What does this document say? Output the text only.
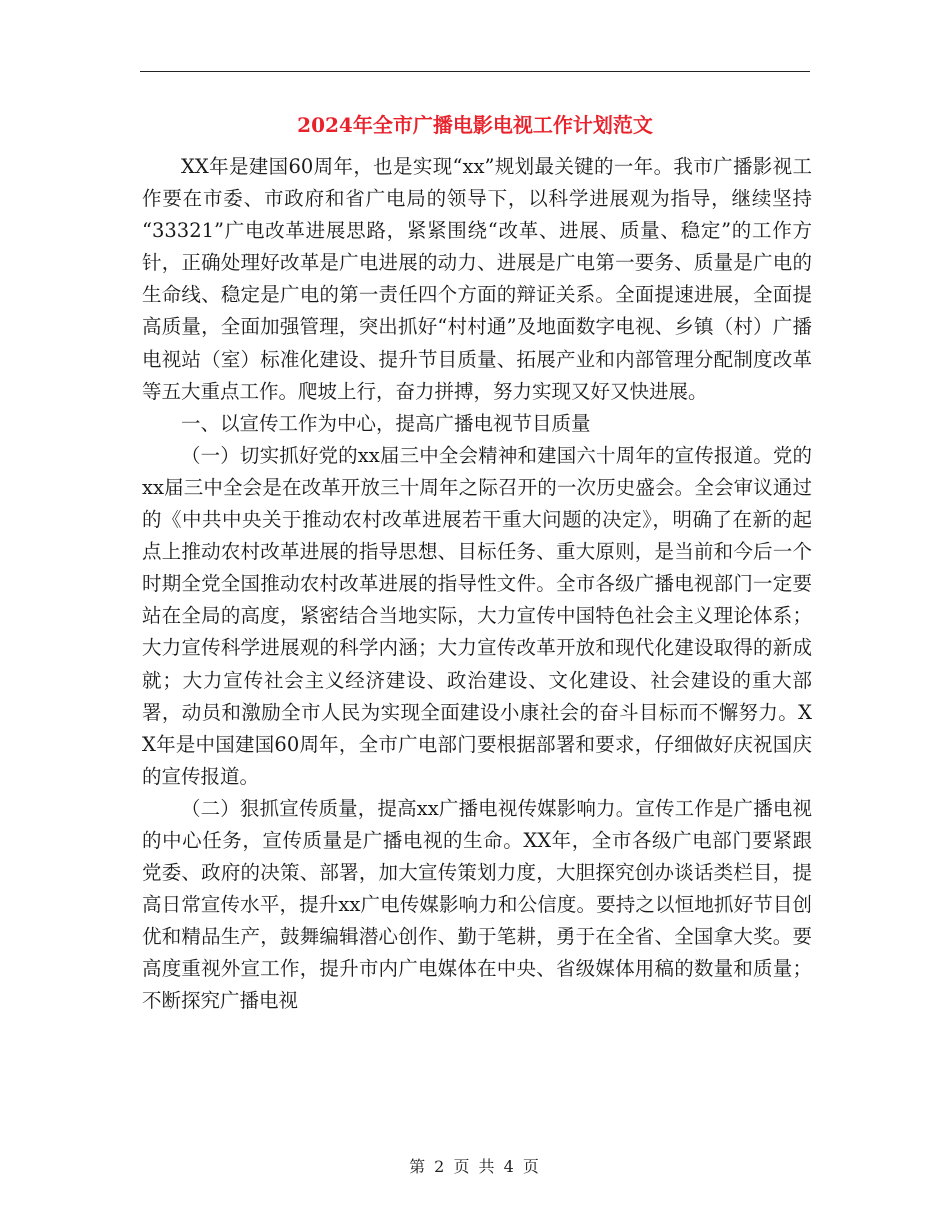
2024年全市广播电影电视工作计划范文

XX年是建国60周年，也是实现“xx”规划最关键的一年。我市广播影视工作要在市委、市政府和省广电局的领导下，以科学进展观为指导，继续坚持 “33321”广电改革进展思路，紧紧围绕“改革、进展、质量、稳定”的工作方针，正确处理好改革是广电进展的动力、进展是广电第一要务、质量是广电的生命线、稳定是广电的第一责任四个方面的辩证关系。全面提速进展，全面提高质量，全面加强管理，突出抓好“村村通”及地面数字电视、乡镇（村）广播电视站（室）标准化建设、提升节目质量、拓展产业和内部管理分配制度改革等五大重点工作。爬坡上行，奋力拼搏，努力实现又好又快进展。

一、以宣传工作为中心，提高广播电视节目质量

（一）切实抓好党的xx届三中全会精神和建国六十周年的宣传报道。党的xx届三中全会是在改革开放三十周年之际召开的一次历史盛会。全会审议通过的《中共中央关于推动农村改革进展若干重大问题的决定》，明确了在新的起点上推动农村改革进展的指导思想、目标任务、重大原则，是当前和今后一个时期全党全国推动农村改革进展的指导性文件。全市各级广播电视部门一定要站在全局的高度，紧密结合当地实际，大力宣传中国特色社会主义理论体系；大力宣传科学进展观的科学内涵；大力宣传改革开放和现代化建设取得的新成就；大力宣传社会主义经济建设、政治建设、文化建设、社会建设的重大部署，动员和激励全市人民为实现全面建设小康社会的奋斗目标而不懈努力。XX年是中国建国60周年，全市广电部门要根据部署和要求，仔细做好庆祝国庆的宣传报道。

（二）狠抓宣传质量，提高xx广播电视传媒影响力。宣传工作是广播电视的中心任务，宣传质量是广播电视的生命。XX年，全市各级广电部门要紧跟党委、政府的决策、部署，加大宣传策划力度，大胆探究创办谈话类栏目，提高日常宣传水平，提升xx广电传媒影响力和公信度。要持之以恒地抓好节目创优和精品生产，鼓舞编辑潜心创作、勤于笔耕，勇于在全省、全国拿大奖。要高度重视外宣工作，提升市内广电媒体在中央、省级媒体用稿的数量和质量；不断探究广播电视

第 2 页 共 4 页
